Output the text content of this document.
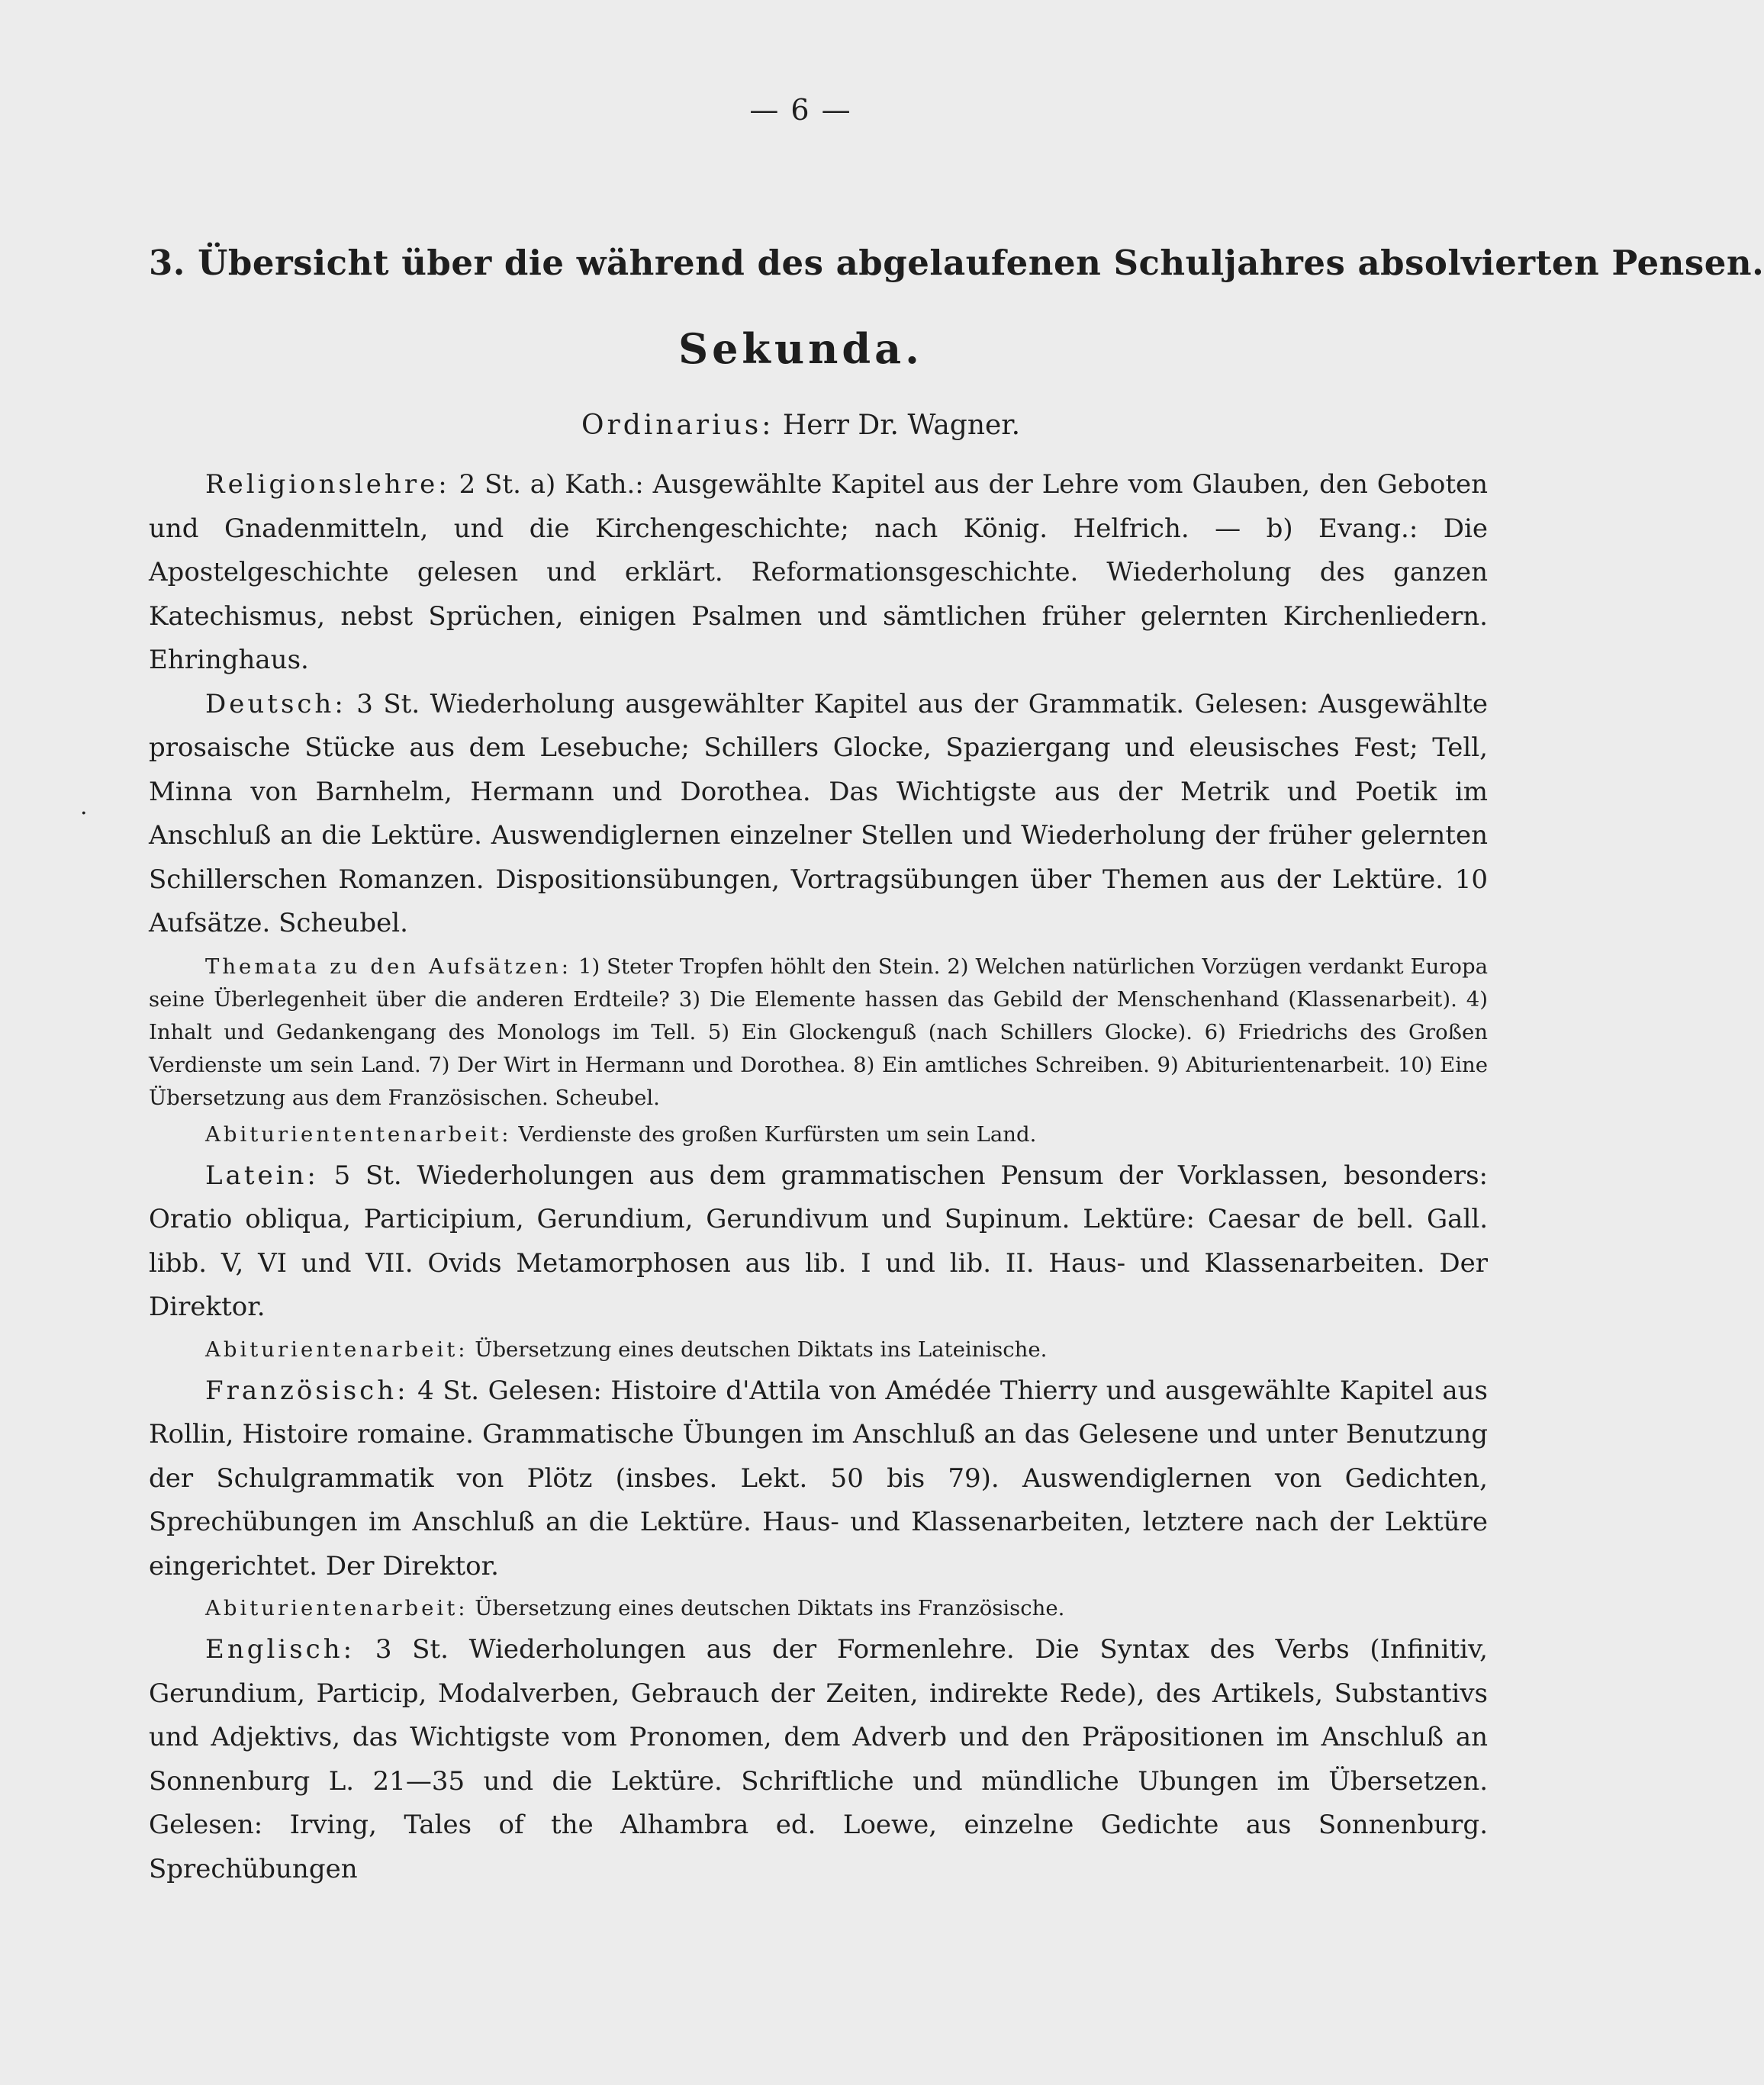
— 6 —
3. Übersicht über die während des abgelaufenen Schuljahres absolvierten Pensen.
Sekunda.
Ordinarius: Herr Dr. Wagner.
.

Religionslehre: 2 St. a) Kath.: Ausgewählte Kapitel aus der Lehre vom Glauben, den Geboten und Gnadenmitteln, und die Kirchengeschichte; nach König. Helfrich. — b) Evang.: Die Apostelgeschichte gelesen und erklärt. Reformationsgeschichte. Wiederholung des ganzen Katechismus, nebst Sprüchen, einigen Psalmen und sämtlichen früher gelernten Kirchenliedern. Ehringhaus.

Deutsch: 3 St. Wiederholung ausgewählter Kapitel aus der Grammatik. Gelesen: Ausgewählte prosaische Stücke aus dem Lesebuche; Schillers Glocke, Spaziergang und eleusisches Fest; Tell, Minna von Barnhelm, Hermann und Dorothea. Das Wichtigste aus der Metrik und Poetik im Anschluß an die Lektüre. Auswendiglernen einzelner Stellen und Wiederholung der früher gelernten Schillerschen Romanzen. Dispositionsübungen, Vortragsübungen über Themen aus der Lektüre. 10 Aufsätze. Scheubel.

Themata zu den Aufsätzen: 1) Steter Tropfen höhlt den Stein. 2) Welchen natürlichen Vorzügen verdankt Europa seine Überlegenheit über die anderen Erdteile? 3) Die Elemente hassen das Gebild der Menschenhand (Klassenarbeit). 4) Inhalt und Gedankengang des Monologs im Tell. 5) Ein Glockenguß (nach Schillers Glocke). 6) Friedrichs des Großen Verdienste um sein Land. 7) Der Wirt in Hermann und Dorothea. 8) Ein amtliches Schreiben. 9) Abiturientenarbeit. 10) Eine Übersetzung aus dem Französischen. Scheubel.

Abituriententenarbeit: Verdienste des großen Kurfürsten um sein Land.

Latein: 5 St. Wiederholungen aus dem grammatischen Pensum der Vorklassen, besonders: Oratio obliqua, Participium, Gerundium, Gerundivum und Supinum. Lektüre: Caesar de bell. Gall. libb. V, VI und VII. Ovids Metamorphosen aus lib. I und lib. II. Haus- und Klassenarbeiten. Der Direktor.

Abiturientenarbeit: Übersetzung eines deutschen Diktats ins Lateinische.

Französisch: 4 St. Gelesen: Histoire d'Attila von Amédée Thierry und ausgewählte Kapitel aus Rollin, Histoire romaine. Grammatische Übungen im Anschluß an das Gelesene und unter Benutzung der Schulgrammatik von Plötz (insbes. Lekt. 50 bis 79). Auswendiglernen von Gedichten, Sprechübungen im Anschluß an die Lektüre. Haus- und Klassenarbeiten, letztere nach der Lektüre eingerichtet. Der Direktor.

Abiturientenarbeit: Übersetzung eines deutschen Diktats ins Französische.

Englisch: 3 St. Wiederholungen aus der Formenlehre. Die Syntax des Verbs (Infinitiv, Gerundium, Particip, Modalverben, Gebrauch der Zeiten, indirekte Rede), des Artikels, Substantivs und Adjektivs, das Wichtigste vom Pronomen, dem Adverb und den Präpositionen im Anschluß an Sonnenburg L. 21—35 und die Lektüre. Schriftliche und mündliche Ubungen im Übersetzen. Gelesen: Irving, Tales of the Alhambra ed. Loewe, einzelne Gedichte aus Sonnenburg. Sprechübungen
